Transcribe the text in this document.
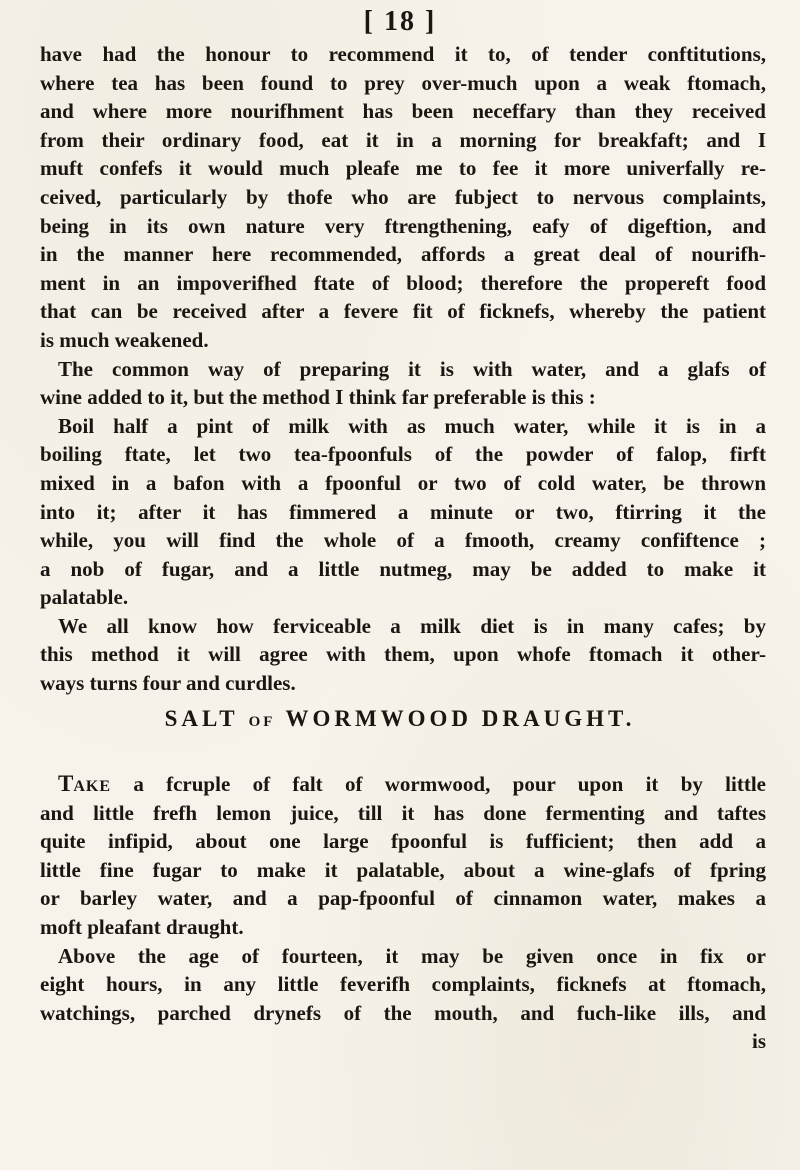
[ 18 ]
have had the honour to recommend it to, of tender conftitutions,
where tea has been found to prey over-much upon a weak ftomach,
and where more nourifhment has been neceffary than they received
from their ordinary food, eat it in a morning for breakfaft; and I
muft confefs it would much pleafe me to fee it more univerfally re-
ceived, particularly by thofe who are fubject to nervous complaints,
being in its own nature very ftrengthening, eafy of digeftion, and
in the manner here recommended, affords a great deal of nourifh-
ment in an impoverifhed ftate of blood; therefore the propereft food
that can be received after a fevere fit of ficknefs, whereby the patient
is much weakened.
The common way of preparing it is with water, and a glafs of
wine added to it, but the method I think far preferable is this :
Boil half a pint of milk with as much water, while it is in a
boiling ftate, let two tea-fpoonfuls of the powder of falop, firft
mixed in a bafon with a fpoonful or two of cold water, be thrown
into it; after it has fimmered a minute or two, ftirring it the
while, you will find the whole of a fmooth, creamy confiftence ;
a nob of fugar, and a little nutmeg, may be added to make it
palatable.
We all know how ferviceable a milk diet is in many cafes; by
this method it will agree with them, upon whofe ftomach it other-
ways turns four and curdles.
SALT OF WORMWOOD DRAUGHT.
TAKE a fcruple of falt of wormwood, pour upon it by little
and little frefh lemon juice, till it has done fermenting and taftes
quite infipid, about one large fpoonful is fufficient; then add a
little fine fugar to make it palatable, about a wine-glafs of fpring
or barley water, and a pap-fpoonful of cinnamon water, makes a
moft pleafant draught.
Above the age of fourteen, it may be given once in fix or
eight hours, in any little feverifh complaints, ficknefs at ftomach,
watchings, parched drynefs of the mouth, and fuch-like ills, and
is
